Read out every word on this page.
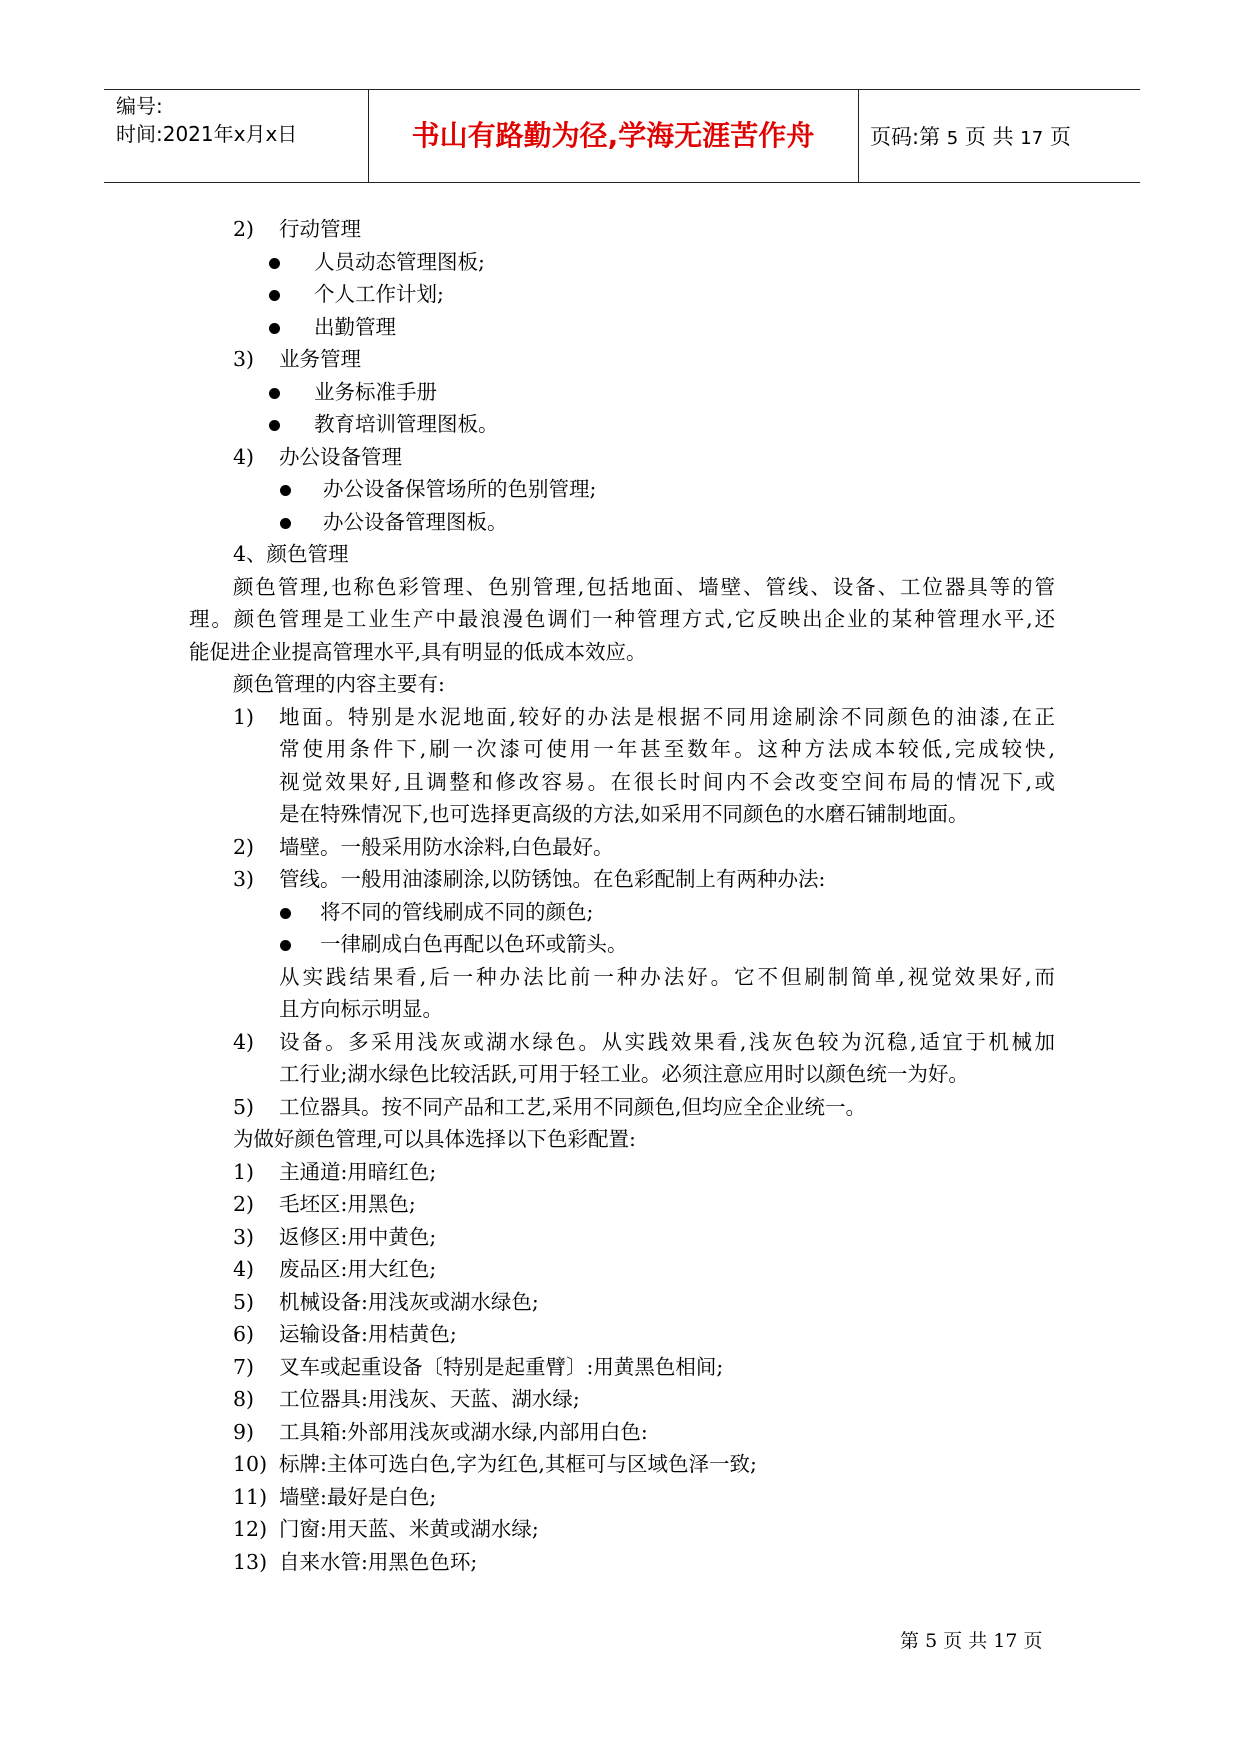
编号:
时间:2021年x月x日	书山有路勤为径,学海无涯苦作舟	页码:第 5 页 共 17 页
2) 行动管理
人员动态管理图板;
个人工作计划;
出勤管理
3) 业务管理
业务标准手册
教育培训管理图板。
4) 办公设备管理
办公设备保管场所的色别管理;
办公设备管理图板。
4、颜色管理
颜色管理,也称色彩管理、色别管理,包括地面、墙壁、管线、设备、工位器具等的管
理。颜色管理是工业生产中最浪漫色调们一种管理方式,它反映出企业的某种管理水平,还
能促进企业提高管理水平,具有明显的低成本效应。
颜色管理的内容主要有:
1) 地面。特别是水泥地面,较好的办法是根据不同用途刷涂不同颜色的油漆,在正
常使用条件下,刷一次漆可使用一年甚至数年。这种方法成本较低,完成较快,
视觉效果好,且调整和修改容易。在很长时间内不会改变空间布局的情况下,或
是在特殊情况下,也可选择更高级的方法,如采用不同颜色的水磨石铺制地面。
2) 墙壁。一般采用防水涂料,白色最好。
3) 管线。一般用油漆刷涂,以防锈蚀。在色彩配制上有两种办法:
将不同的管线刷成不同的颜色;
一律刷成白色再配以色环或箭头。
从实践结果看,后一种办法比前一种办法好。它不但刷制简单,视觉效果好,而
且方向标示明显。
4) 设备。多采用浅灰或湖水绿色。从实践效果看,浅灰色较为沉稳,适宜于机械加
工行业;湖水绿色比较活跃,可用于轻工业。必须注意应用时以颜色统一为好。
5) 工位器具。按不同产品和工艺,采用不同颜色,但均应全企业统一。
为做好颜色管理,可以具体选择以下色彩配置:
1) 主通道:用暗红色;
2) 毛坯区:用黑色;
3) 返修区:用中黄色;
4) 废品区:用大红色;
5) 机械设备:用浅灰或湖水绿色;
6) 运输设备:用桔黄色;
7) 叉车或起重设备〔特别是起重臂〕:用黄黑色相间;
8) 工位器具:用浅灰、天蓝、湖水绿;
9) 工具箱:外部用浅灰或湖水绿,内部用白色:
10) 标牌:主体可选白色,字为红色,其框可与区域色泽一致;
11) 墙壁:最好是白色;
12) 门窗:用天蓝、米黄或湖水绿;
13) 自来水管:用黑色色环;
第 5 页 共 17 页
